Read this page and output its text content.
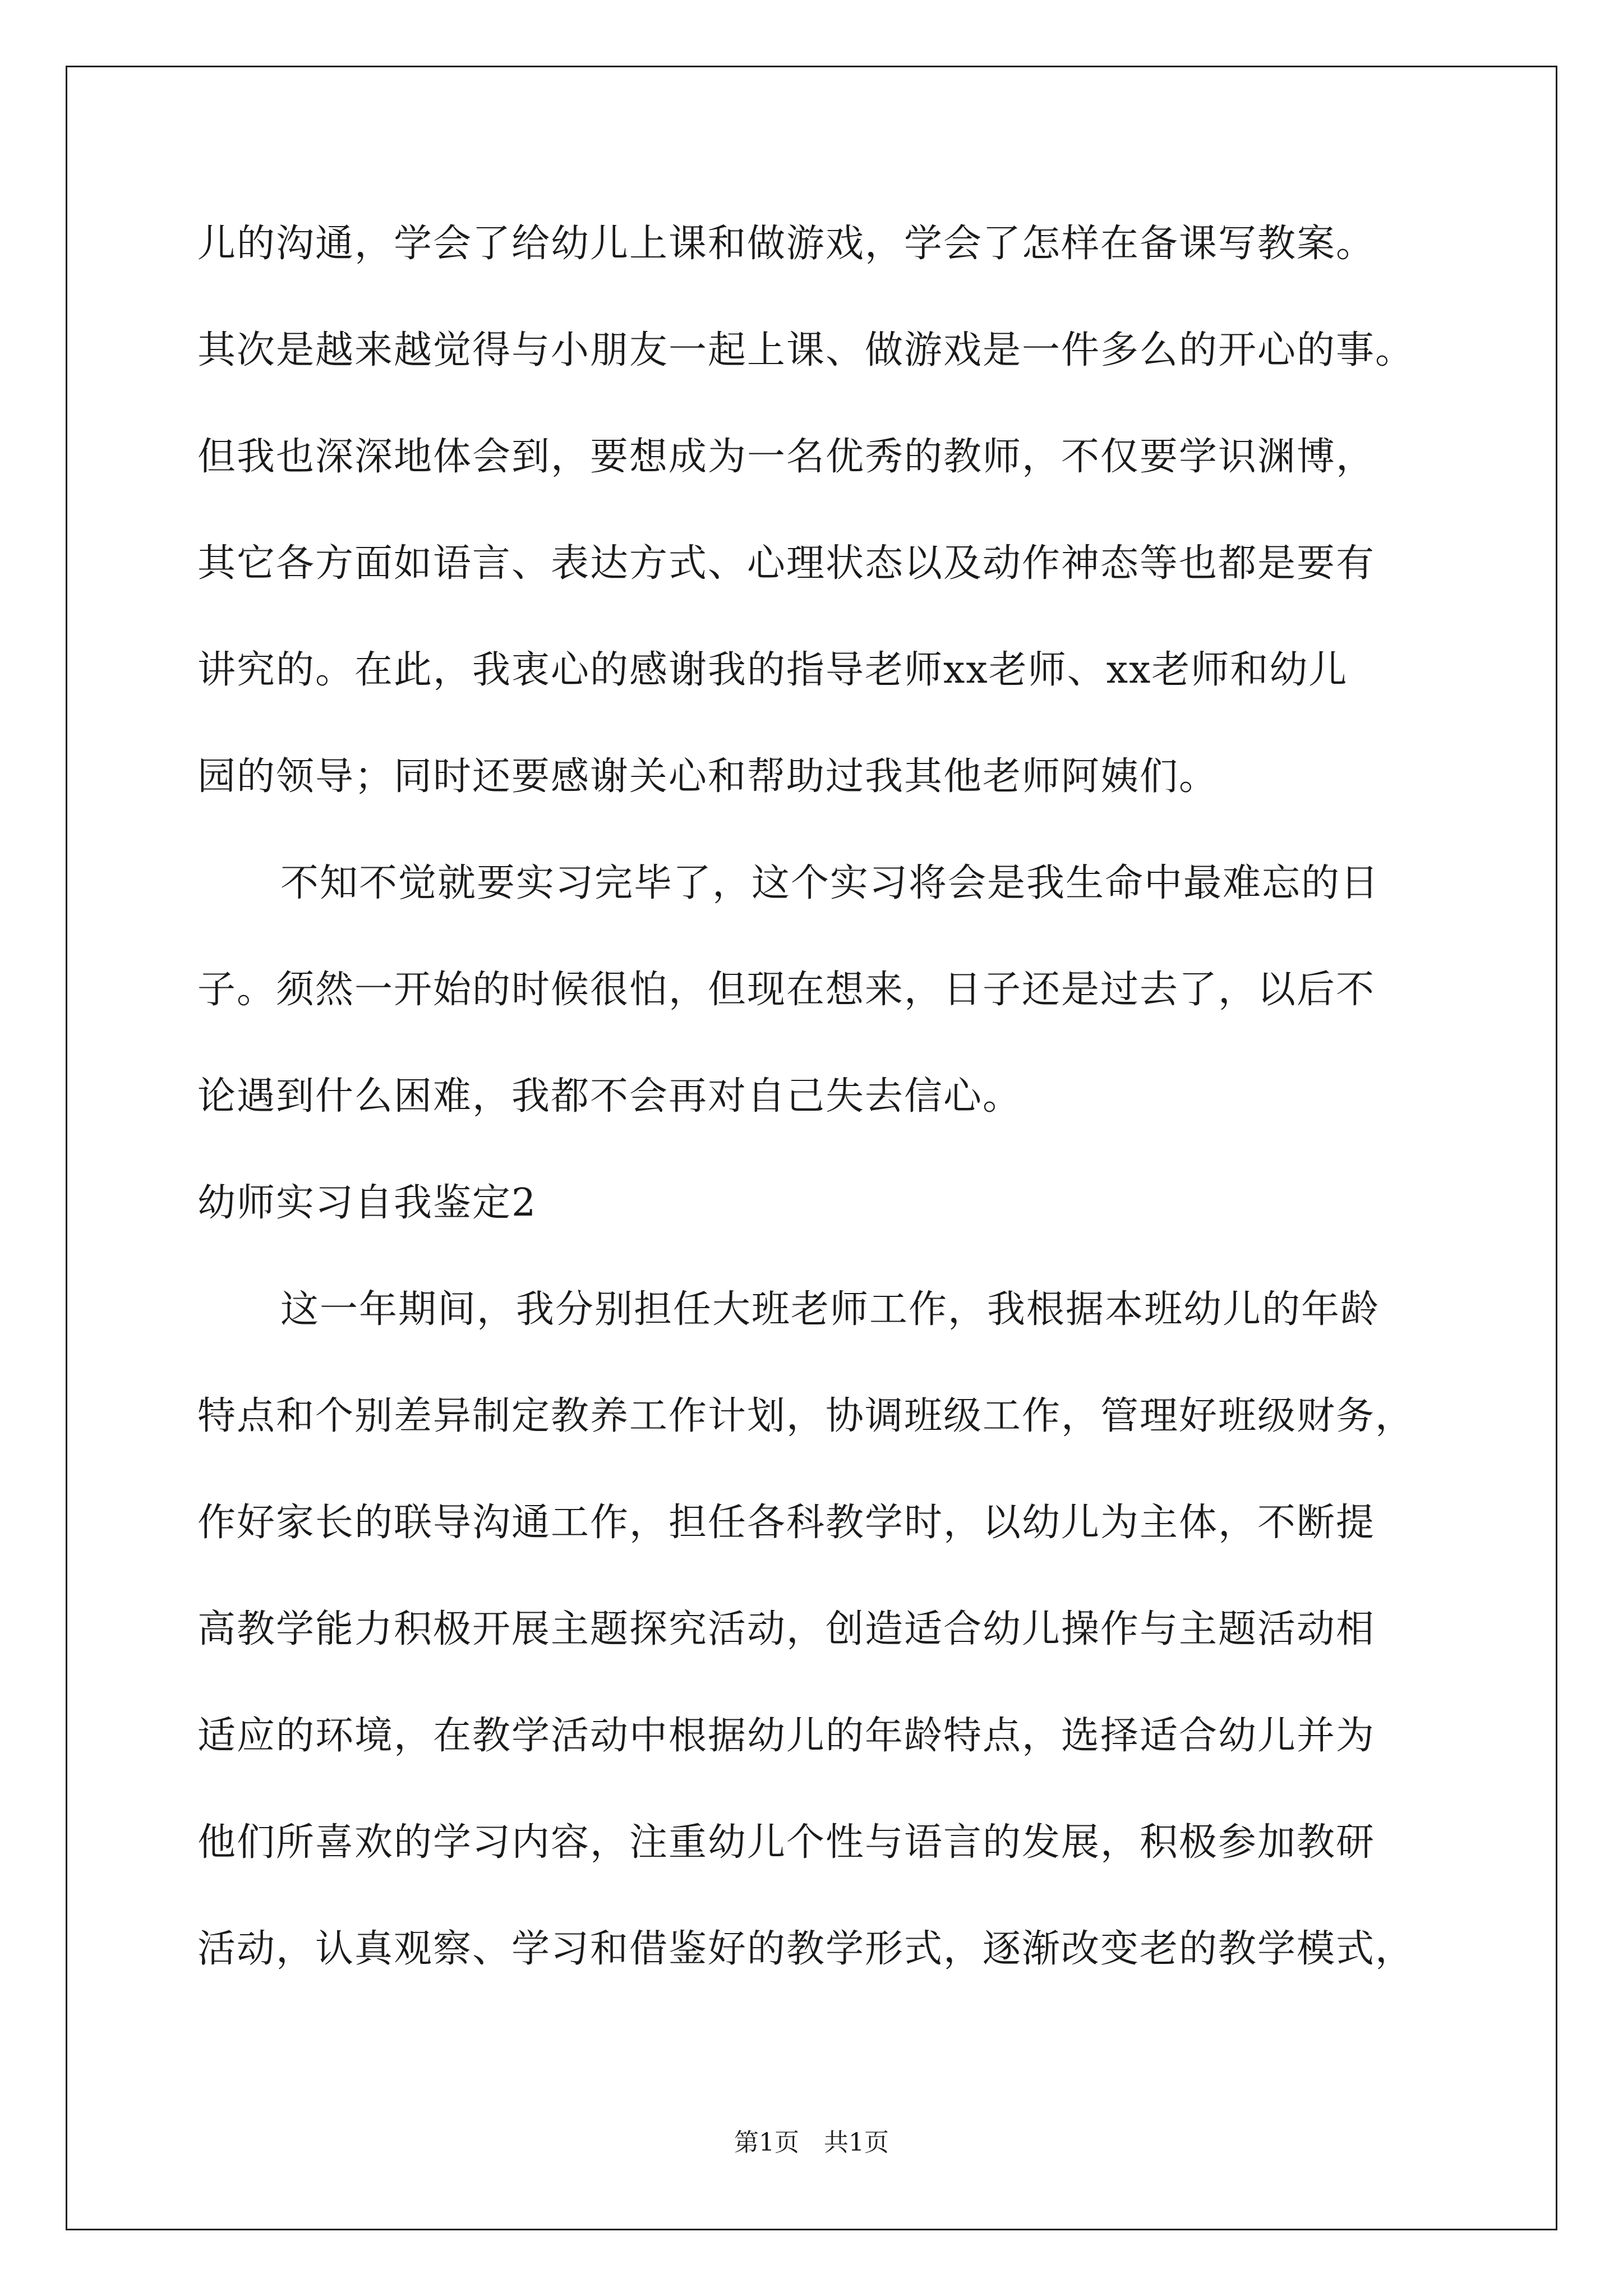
儿的沟通，学会了给幼儿上课和做游戏，学会了怎样在备课写教案。
其次是越来越觉得与小朋友一起上课、做游戏是一件多么的开心的事。
但我也深深地体会到，要想成为一名优秀的教师，不仅要学识渊博，
其它各方面如语言、表达方式、心理状态以及动作神态等也都是要有
讲究的。在此，我衷心的感谢我的指导老师xx老师、xx老师和幼儿
园的领导；同时还要感谢关心和帮助过我其他老师阿姨们。
不知不觉就要实习完毕了，这个实习将会是我生命中最难忘的日
子。须然一开始的时候很怕，但现在想来，日子还是过去了，以后不
论遇到什么困难，我都不会再对自己失去信心。
幼师实习自我鉴定2
这一年期间，我分别担任大班老师工作，我根据本班幼儿的年龄
特点和个别差异制定教养工作计划，协调班级工作，管理好班级财务，
作好家长的联导沟通工作，担任各科教学时，以幼儿为主体，不断提
高教学能力积极开展主题探究活动，创造适合幼儿操作与主题活动相
适应的环境，在教学活动中根据幼儿的年龄特点，选择适合幼儿并为
他们所喜欢的学习内容，注重幼儿个性与语言的发展，积极参加教研
活动，认真观察、学习和借鉴好的教学形式，逐渐改变老的教学模式，
第1页　共1页
